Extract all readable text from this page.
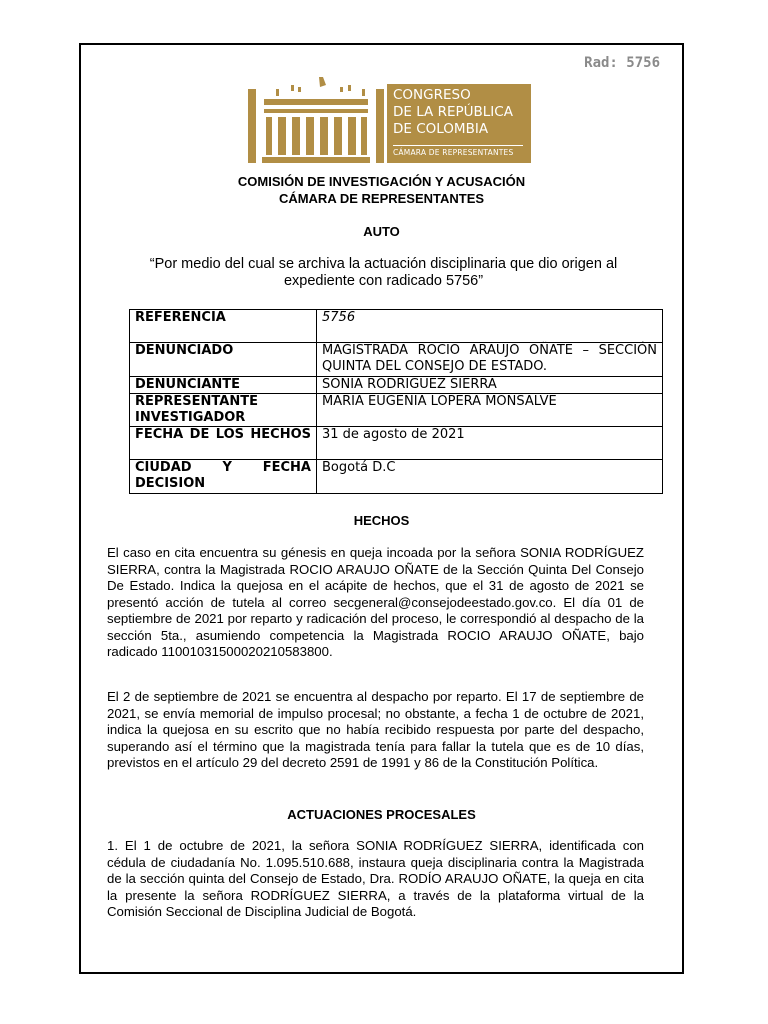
Rad: 5756
CONGRESO
DE LA REPÚBLICA
DE COLOMBIA
CÁMARA DE REPRESENTANTES
COMISIÓN DE INVESTIGACIÓN Y ACUSACIÓN
CÁMARA DE REPRESENTANTES
AUTO
“Por medio del cual se archiva la actuación disciplinaria que dio origen al expediente con radicado 5756”
REFERENCIA	5756
DENUNCIADO	MAGISTRADA ROCIO ARAUJO OÑATE – SECCIÓN QUINTA DEL CONSEJO DE ESTADO.
DENUNCIANTE	SONIA RODRIGUEZ SIERRA
REPRESENTANTE INVESTIGADOR	MARIA EUGENIA LOPERA MONSALVE
FECHA DE LOS HECHOS	31 de agosto de 2021
CIUDAD Y FECHA DECISION	Bogotá D.C
HECHOS
El caso en cita encuentra su génesis en queja incoada por la señora SONIA RODRÍGUEZ SIERRA, contra la Magistrada ROCIO ARAUJO OÑATE de la Sección Quinta Del Consejo De Estado. Indica la quejosa en el acápite de hechos, que el 31 de agosto de 2021 se presentó acción de tutela al correo secgeneral@consejodeestado.gov.co. El día 01 de septiembre de 2021 por reparto y radicación del proceso, le correspondió al despacho de la sección 5ta., asumiendo competencia la Magistrada ROCIO ARAUJO OÑATE, bajo radicado 11001031500020210583800.
El 2 de septiembre de 2021 se encuentra al despacho por reparto. El 17 de septiembre de 2021, se envía memorial de impulso procesal; no obstante, a fecha 1 de octubre de 2021, indica la quejosa en su escrito que no había recibido respuesta por parte del despacho, superando así el término que la magistrada tenía para fallar la tutela que es de 10 días, previstos en el artículo 29 del decreto 2591 de 1991 y 86 de la Constitución Política.
ACTUACIONES PROCESALES
1. El 1 de octubre de 2021, la señora SONIA RODRÍGUEZ SIERRA, identificada con cédula de ciudadanía No. 1.095.510.688, instaura queja disciplinaria contra la Magistrada de la sección quinta del Consejo de Estado, Dra. RODÍO ARAUJO OÑATE, la queja en cita la presente la señora RODRÍGUEZ SIERRA, a través de la plataforma virtual de la Comisión Seccional de Disciplina Judicial de Bogotá.
